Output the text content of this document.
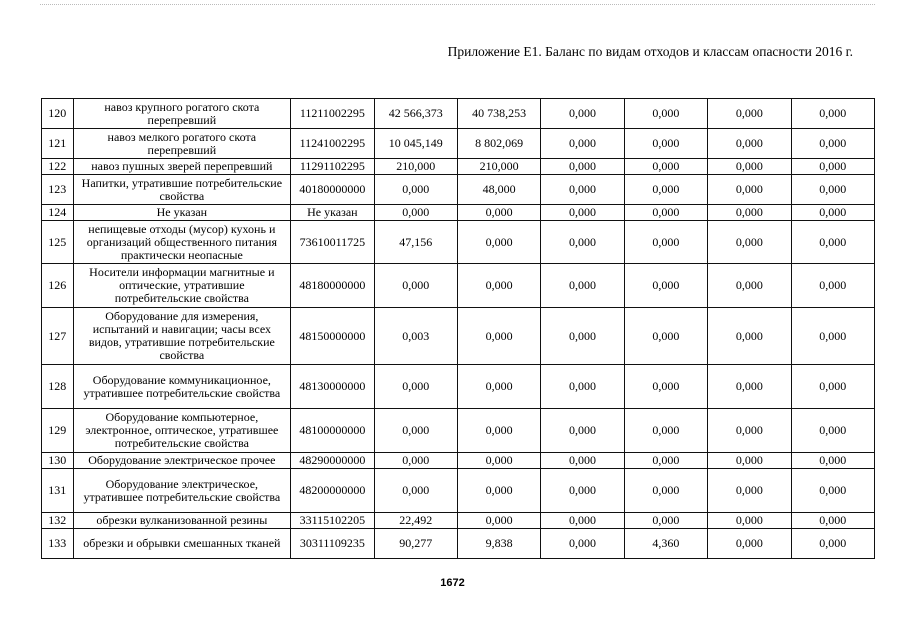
Приложение Е1. Баланс по видам отходов и классам опасности 2016 г.
120	навоз крупного рогатого скота перепревший	11211002295	42 566,373	40 738,253	0,000	0,000	0,000	0,000
121	навоз мелкого рогатого скота перепревший	11241002295	10 045,149	8 802,069	0,000	0,000	0,000	0,000
122	навоз пушных зверей перепревший	11291102295	210,000	210,000	0,000	0,000	0,000	0,000
123	Напитки, утратившие потребительские свойства	40180000000	0,000	48,000	0,000	0,000	0,000	0,000
124	Не указан	Не указан	0,000	0,000	0,000	0,000	0,000	0,000
125	непищевые отходы (мусор) кухонь и организаций общественного питания практически неопасные	73610011725	47,156	0,000	0,000	0,000	0,000	0,000
126	Носители информации магнитные и оптические, утратившие потребительские свойства	48180000000	0,000	0,000	0,000	0,000	0,000	0,000
127	Оборудование для измерения, испытаний и навигации; часы всех видов, утратившие потребительские свойства	48150000000	0,003	0,000	0,000	0,000	0,000	0,000
128	Оборудование коммуникационное, утратившее потребительские свойства	48130000000	0,000	0,000	0,000	0,000	0,000	0,000
129	Оборудование компьютерное, электронное, оптическое, утратившее потребительские свойства	48100000000	0,000	0,000	0,000	0,000	0,000	0,000
130	Оборудование электрическое прочее	48290000000	0,000	0,000	0,000	0,000	0,000	0,000
131	Оборудование электрическое, утратившее потребительские свойства	48200000000	0,000	0,000	0,000	0,000	0,000	0,000
132	обрезки вулканизованной резины	33115102205	22,492	0,000	0,000	0,000	0,000	0,000
133	обрезки и обрывки смешанных тканей	30311109235	90,277	9,838	0,000	4,360	0,000	0,000
1672
